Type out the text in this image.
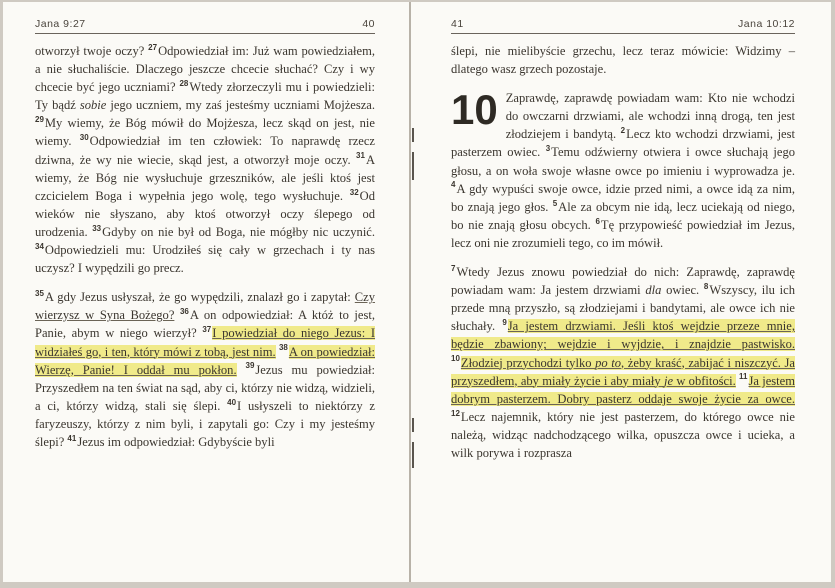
Jana 9:27	40

otworzył twoje oczy? $^{27}$Odpowiedział im: Już wam powiedziałem, a nie słuchaliście. Dlaczego jeszcze chcecie słuchać? Czy i wy chcecie być jego uczniami? $^{28}$Wtedy złorzeczyli mu i powiedzieli: Ty bądź sobie jego uczniem, my zaś jesteśmy uczniami Mojżesza. $^{29}$My wiemy, że Bóg mówił do Mojżesza, lecz skąd on jest, nie wiemy. $^{30}$Odpowiedział im ten człowiek: To naprawdę rzecz dziwna, że wy nie wiecie, skąd jest, a otworzył moje oczy. $^{31}$A wiemy, że Bóg nie wysłuchuje grzeszników, ale jeśli ktoś jest czcicielem Boga i wypełnia jego wolę, tego wysłuchuje. $^{32}$Od wieków nie słyszano, aby ktoś otworzył oczy ślepego od urodzenia. $^{33}$Gdyby on nie był od Boga, nie mógłby nic uczynić. $^{34}$Odpowiedzieli mu: Urodziłeś się cały w grzechach i ty nas uczysz? I wypędzili go precz.

$^{35}$A gdy Jezus usłyszał, że go wypędzili, znalazł go i zapytał: Czy wierzysz w Syna Bożego? $^{36}$A on odpowiedział: A któż to jest, Panie, abym w niego wierzył? $^{37}$I powiedział do niego Jezus: I widziałeś go, i ten, który mówi z tobą, jest nim. $^{38}$A on powiedział: Wierzę, Panie! I oddał mu pokłon. $^{39}$Jezus mu powiedział: Przyszedłem na ten świat na sąd, aby ci, którzy nie widzą, widzieli, a ci, którzy widzą, stali się ślepi. $^{40}$I usłyszeli to niektórzy z faryzeuszy, którzy z nim byli, i zapytali go: Czy i my jesteśmy ślepi? $^{41}$Jezus im odpowiedział: Gdybyście byli

41	Jana 10:12

ślepi, nie mielibyście grzechu, lecz teraz mówicie: Widzimy – dlatego wasz grzech pozostaje.

10 Zaprawdę, zaprawdę powiadam wam: Kto nie wchodzi do owczarni drzwiami, ale wchodzi inną drogą, ten jest złodziejem i bandytą. $^2$Lecz kto wchodzi drzwiami, jest pasterzem owiec. $^3$Temu odźwierny otwiera i owce słuchają jego głosu, a on woła swoje własne owce po imieniu i wyprowadza je. $^4$A gdy wypuści swoje owce, idzie przed nimi, a owce idą za nim, bo znają jego głos. $^5$Ale za obcym nie idą, lecz uciekają od niego, bo nie znają głosu obcych. $^6$Tę przypowieść powiedział im Jezus, lecz oni nie zrozumieli tego, co im mówił.

$^7$Wtedy Jezus znowu powiedział do nich: Zaprawdę, zaprawdę powiadam wam: Ja jestem drzwiami dla owiec. $^8$Wszyscy, ilu ich przede mną przyszło, są złodziejami i bandytami, ale owce ich nie słuchały. $^9$Ja jestem drzwiami. Jeśli ktoś wejdzie przeze mnie, będzie zbawiony; wejdzie i wyjdzie, i znajdzie pastwisko. $^{10}$Złodziej przychodzi tylko po to, żeby kraść, zabijać i niszczyć. Ja przyszedłem, aby miały życie i aby miały je w obfitości. $^{11}$Ja jestem dobrym pasterzem. Dobry pasterz oddaje swoje życie za owce. $^{12}$Lecz najemnik, który nie jest pasterzem, do którego owce nie należą, widząc nadchodzącego wilka, opuszcza owce i ucieka, a wilk porywa i rozprasza
